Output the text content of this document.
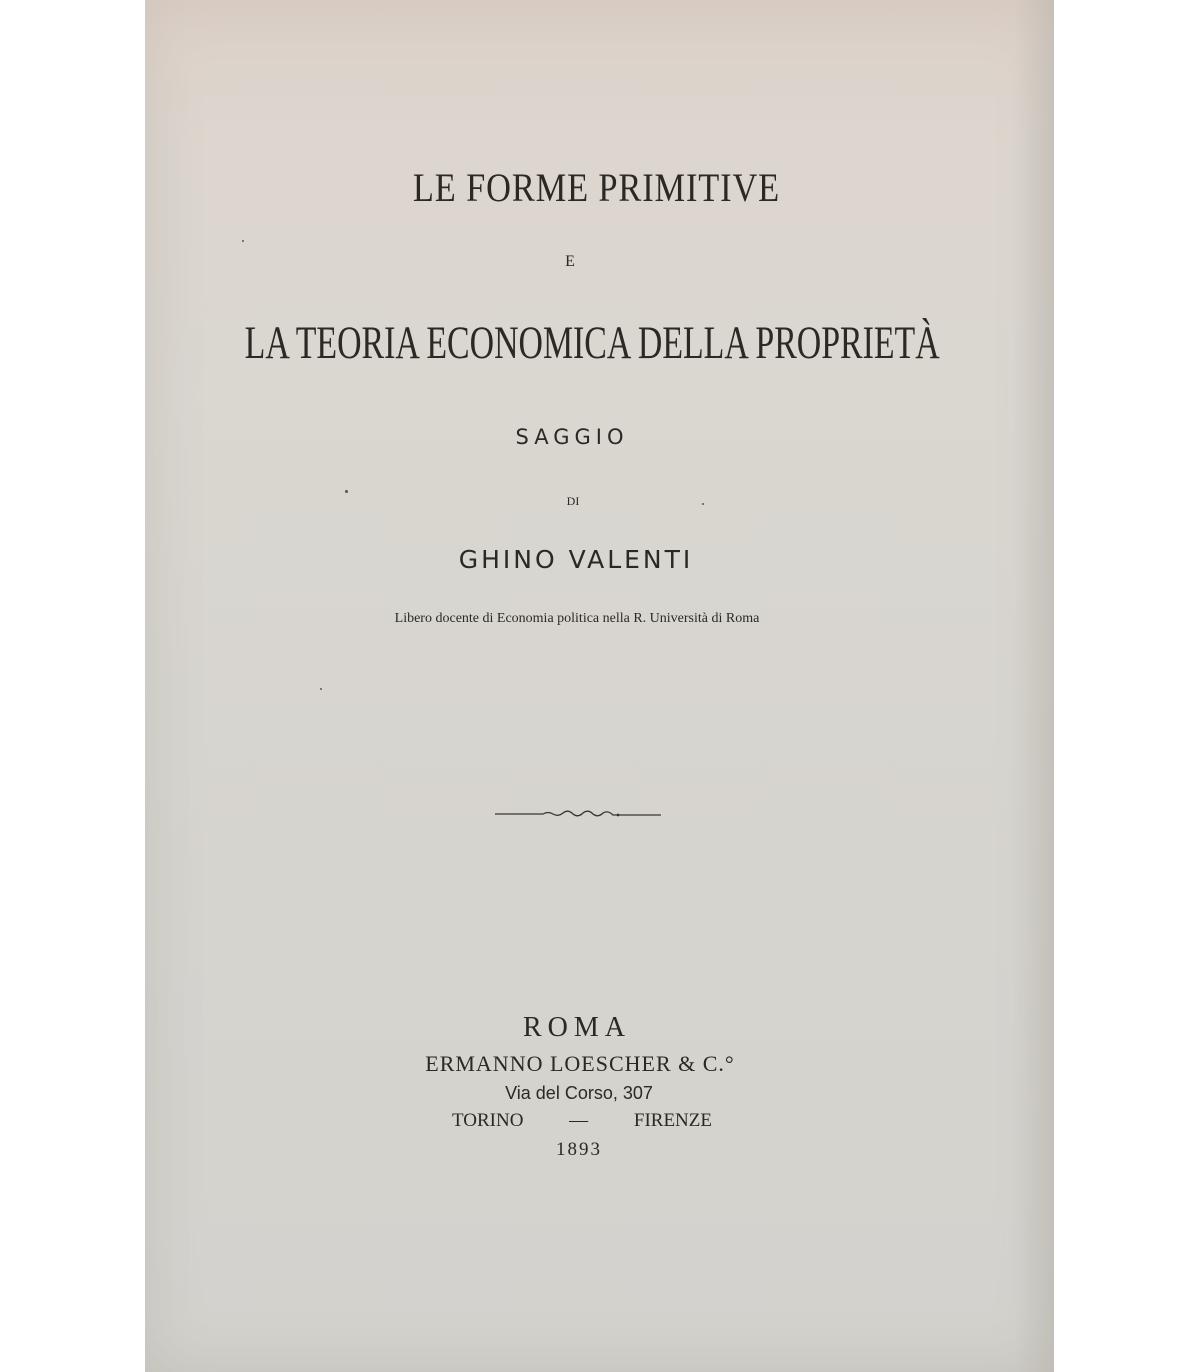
LE FORME PRIMITIVE
E
LA TEORIA ECONOMICA DELLA PROPRIETÀ
SAGGIO
DI
GHINO VALENTI
Libero docente di Economia politica nella R. Università di Roma
ROMA
ERMANNO LOESCHER & C.°
Via del Corso, 307
TORINO — FIRENZE
1893
